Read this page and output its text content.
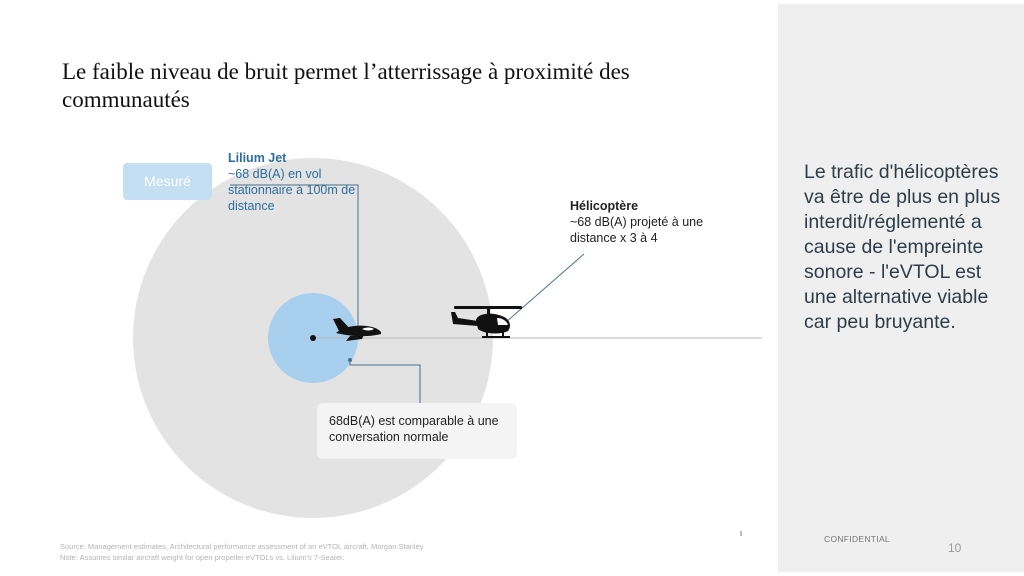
Le faible niveau de bruit permet l’atterrissage à proximité des communautés

Le trafic d'hélicoptères va être de plus en plus interdit/réglementé a cause de l'empreinte sonore - l'eVTOL est une alternative viable car peu bruyante.

Mesuré
Lilium Jet
~68 dB(A) en vol stationnaire à 100m de distance	Hélicoptère
~68 dB(A) projeté à une distance x 3 à 4
68dB(A) est comparable à une conversation normale
Source: Management estimates, Architectural performance assessment of an eVTOL aircraft, Morgan Stanley
Note: Assumes similar aircraft weight for open propeller eVTOLs vs. Lilium's 7-Seater.
ι
CONFIDENTIAL
10
